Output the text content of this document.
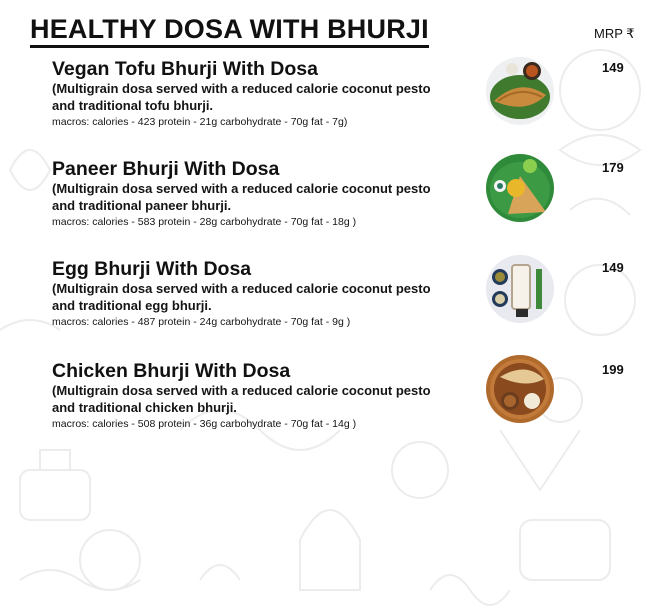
HEALTHY DOSA WITH BHURJI	MRP ₹
Vegan Tofu Bhurji With Dosa
(Multigrain dosa served with a reduced calorie coconut pesto and traditional tofu bhurji.
macros: calories - 423 protein - 21g carbohydrate - 70g fat - 7g)
149
Paneer Bhurji With Dosa
(Multigrain dosa served with a reduced calorie coconut pesto and traditional paneer bhurji.
macros: calories - 583 protein - 28g carbohydrate - 70g fat - 18g )
179
Egg Bhurji With Dosa
(Multigrain dosa served with a reduced calorie coconut pesto and traditional egg bhurji.
macros: calories - 487 protein - 24g carbohydrate - 70g fat - 9g )
149
Chicken Bhurji With Dosa
(Multigrain dosa served with a reduced calorie coconut pesto and traditional chicken bhurji.
macros: calories - 508 protein - 36g carbohydrate - 70g fat - 14g )
199
